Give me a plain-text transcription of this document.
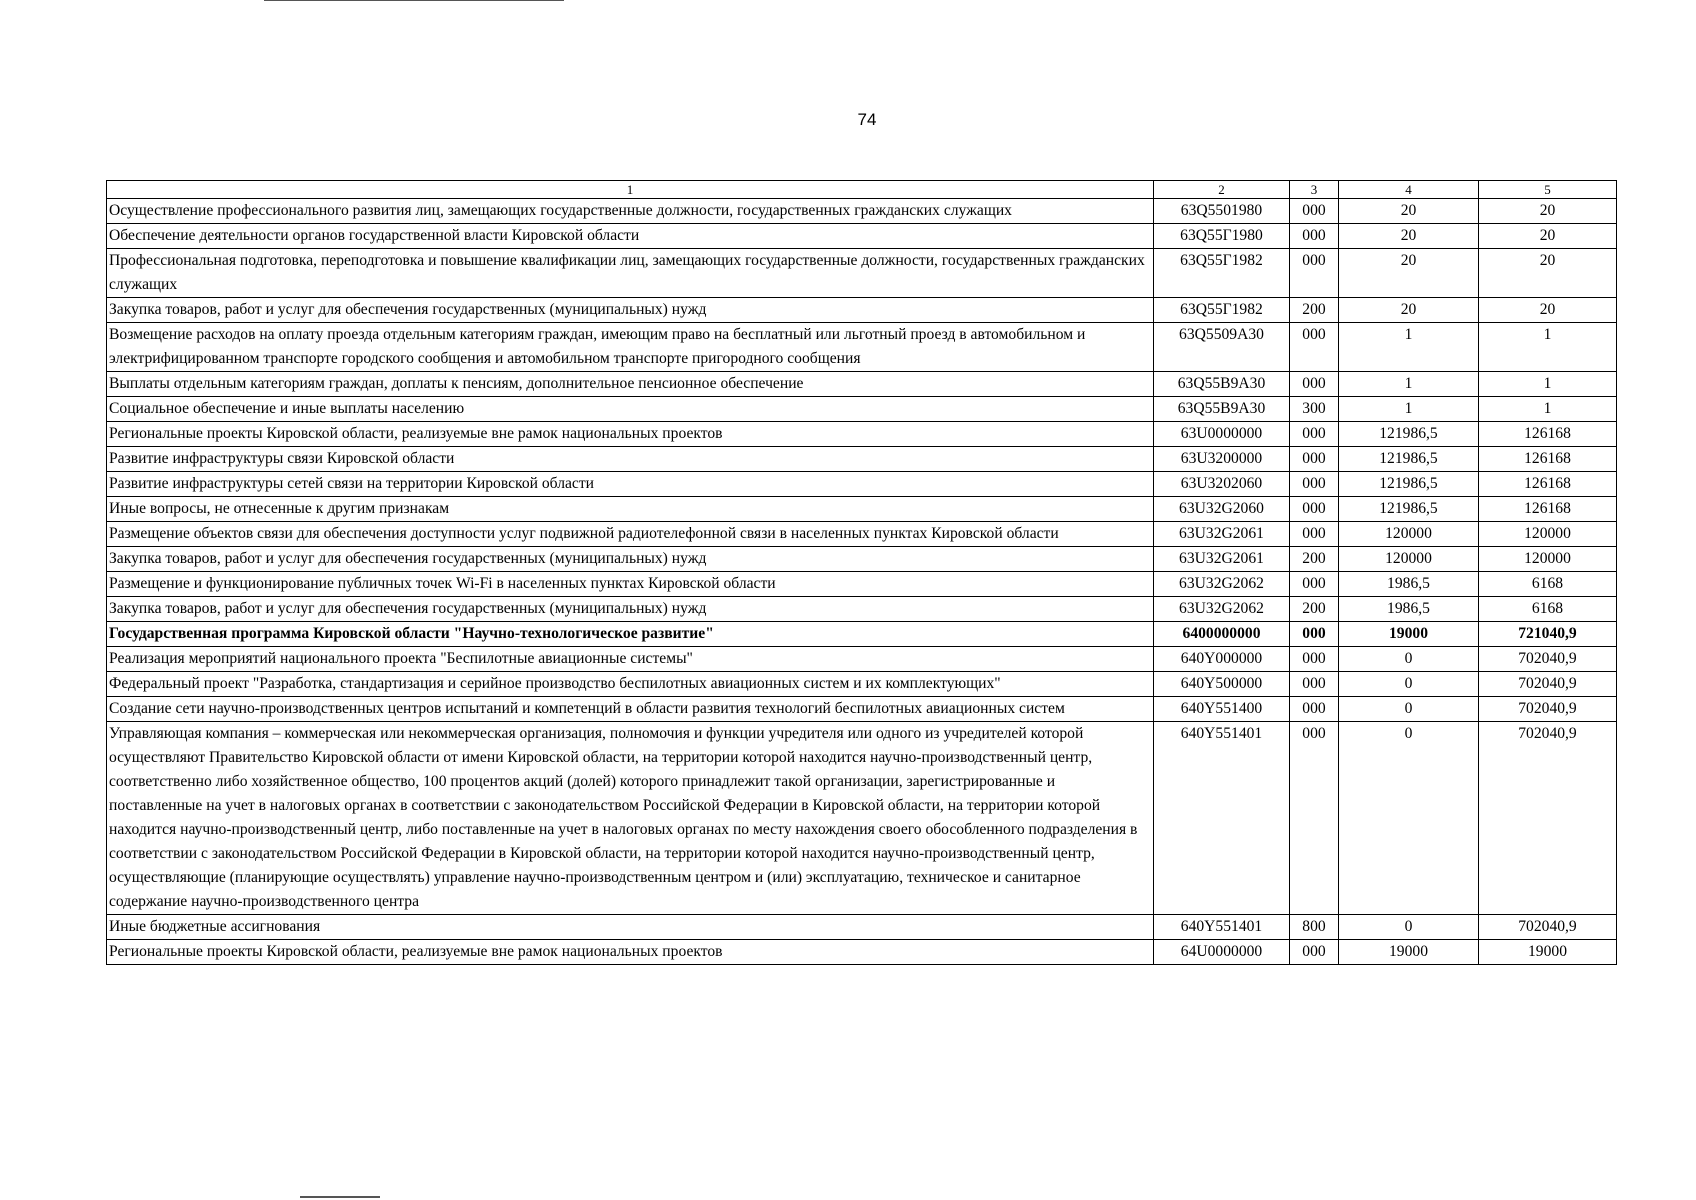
74
1	2	3	4	5
Осуществление профессионального развития лиц, замещающих государственные должности, государственных гражданских служащих	63Q5501980	000	20	20
Обеспечение деятельности органов государственной власти Кировской области	63Q55Г1980	000	20	20
Профессиональная подготовка, переподготовка и повышение квалификации лиц, замещающих государственные должности, государственных гражданских служащих	63Q55Г1982	000	20	20
Закупка товаров, работ и услуг для обеспечения государственных (муниципальных) нужд	63Q55Г1982	200	20	20
Возмещение расходов на оплату проезда отдельным категориям граждан, имеющим право на бесплатный или льготный проезд в автомобильном и электрифицированном транспорте городского сообщения и автомобильном транспорте пригородного сообщения	63Q5509A30	000	1	1
Выплаты отдельным категориям граждан, доплаты к пенсиям, дополнительное пенсионное обеспечение	63Q55B9A30	000	1	1
Социальное обеспечение и иные выплаты населению	63Q55B9A30	300	1	1
Региональные проекты Кировской области, реализуемые вне рамок национальных проектов	63U0000000	000	121986,5	126168
Развитие инфраструктуры связи Кировской области	63U3200000	000	121986,5	126168
Развитие инфраструктуры сетей связи на территории Кировской области	63U3202060	000	121986,5	126168
Иные вопросы, не отнесенные к другим признакам	63U32G2060	000	121986,5	126168
Размещение объектов связи для обеспечения доступности услуг подвижной радиотелефонной связи в населенных пунктах Кировской области	63U32G2061	000	120000	120000
Закупка товаров, работ и услуг для обеспечения государственных (муниципальных) нужд	63U32G2061	200	120000	120000
Размещение и функционирование публичных точек Wi-Fi в населенных пунктах Кировской области	63U32G2062	000	1986,5	6168
Закупка товаров, работ и услуг для обеспечения государственных (муниципальных) нужд	63U32G2062	200	1986,5	6168
Государственная программа Кировской области "Научно-технологическое развитие"	6400000000	000	19000	721040,9
Реализация мероприятий национального проекта "Беспилотные авиационные системы"	640Y000000	000	0	702040,9
Федеральный проект "Разработка, стандартизация и серийное производство беспилотных авиационных систем и их комплектующих"	640Y500000	000	0	702040,9
Создание сети научно-производственных центров испытаний и компетенций в области развития технологий беспилотных авиационных систем	640Y551400	000	0	702040,9
Управляющая компания – коммерческая или некоммерческая организация, полномочия и функции учредителя или одного из учредителей которой осуществляют Правительство Кировской области от имени Кировской области, на территории которой находится научно-производственный центр, соответственно либо хозяйственное общество, 100 процентов акций (долей) которого принадлежит такой организации, зарегистрированные и поставленные на учет в налоговых органах в соответствии с законодательством Российской Федерации в Кировской области, на территории которой находится научно-производственный центр, либо поставленные на учет в налоговых органах по месту нахождения своего обособленного подразделения в соответствии с законодательством Российской Федерации в Кировской области, на территории которой находится научно-производственный центр, осуществляющие (планирующие осуществлять) управление научно-производственным центром и (или) эксплуатацию, техническое и санитарное содержание научно-производственного центра	640Y551401	000	0	702040,9
Иные бюджетные ассигнования	640Y551401	800	0	702040,9
Региональные проекты Кировской области, реализуемые вне рамок национальных проектов	64U0000000	000	19000	19000
